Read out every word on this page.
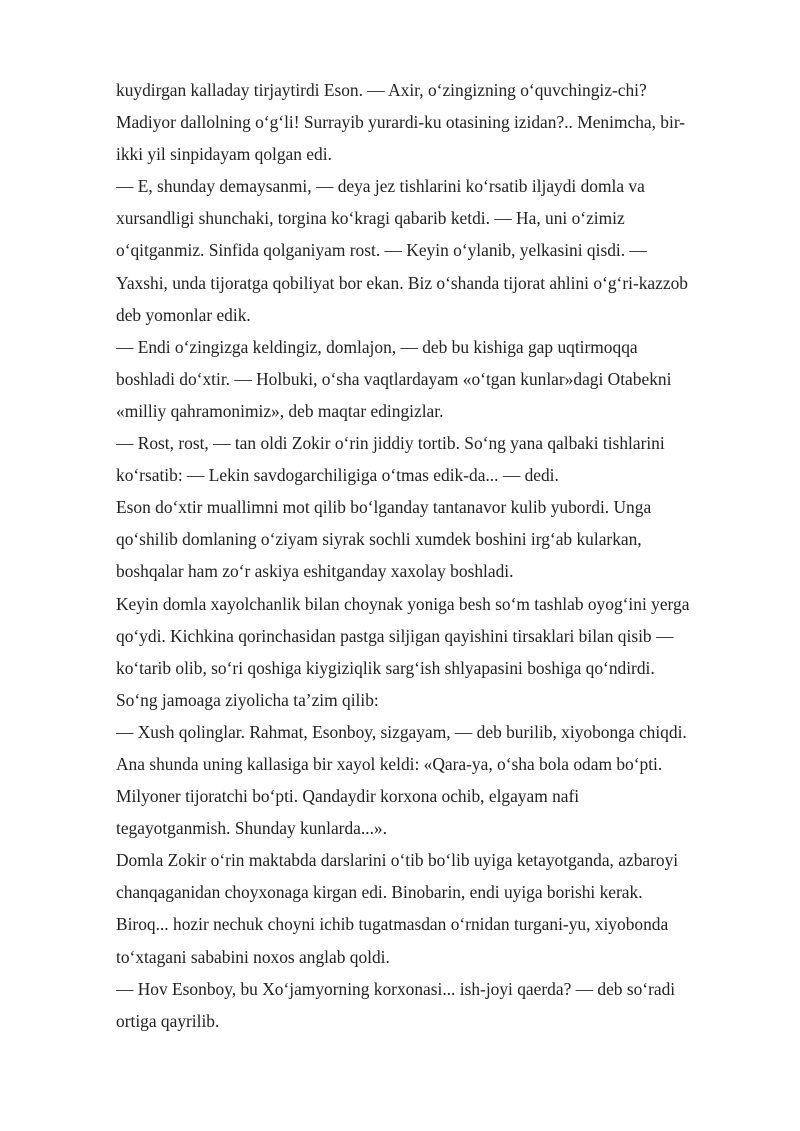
kuydirgan kalladay tirjaytirdi Eson. — Axir, o‘zingizning o‘quvchingiz-chi?
Madiyor dallolning o‘g‘li! Surrayib yurardi-ku otasining izidan?.. Menimcha, bir-
ikki yil sinpidayam qolgan edi.
— E, shunday demaysanmi, — deya jez tishlarini ko‘rsatib iljaydi domla va
xursandligi shunchaki, torgina ko‘kragi qabarib ketdi. — Ha, uni o‘zimiz
o‘qitganmiz. Sinfida qolganiyam rost. — Keyin o‘ylanib, yelkasini qisdi. —
Yaxshi, unda tijoratga qobiliyat bor ekan. Biz o‘shanda tijorat ahlini o‘g‘ri-kazzob
deb yomonlar edik.
— Endi o‘zingizga keldingiz, domlajon, — deb bu kishiga gap uqtirmoqqa
boshladi do‘xtir. — Holbuki, o‘sha vaqtlardayam «o‘tgan kunlar»dagi Otabekni
«milliy qahramonimiz», deb maqtar edingizlar.
— Rost, rost, — tan oldi Zokir o‘rin jiddiy tortib. So‘ng yana qalbaki tishlarini
ko‘rsatib: — Lekin savdogarchiligiga o‘tmas edik-da... — dedi.
Eson do‘xtir muallimni mot qilib bo‘lganday tantanavor kulib yubordi. Unga
qo‘shilib domlaning o‘ziyam siyrak sochli xumdek boshini irg‘ab kularkan,
boshqalar ham zo‘r askiya eshitganday xaxolay boshladi.
Keyin domla xayolchanlik bilan choynak yoniga besh so‘m tashlab oyog‘ini yerga
qo‘ydi. Kichkina qorinchasidan pastga siljigan qayishini tirsaklari bilan qisib —
ko‘tarib olib, so‘ri qoshiga kiygiziqlik sarg‘ish shlyapasini boshiga qo‘ndirdi.
So‘ng jamoaga ziyolicha ta’zim qilib:
— Xush qolinglar. Rahmat, Esonboy, sizgayam, — deb burilib, xiyobonga chiqdi.
Ana shunda uning kallasiga bir xayol keldi: «Qara-ya, o‘sha bola odam bo‘pti.
Milyoner tijoratchi bo‘pti. Qandaydir korxona ochib, elgayam nafi
tegayotganmish. Shunday kunlarda...».
Domla Zokir o‘rin maktabda darslarini o‘tib bo‘lib uyiga ketayotganda, azbaroyi
chanqaganidan choyxonaga kirgan edi. Binobarin, endi uyiga borishi kerak.
Biroq... hozir nechuk choyni ichib tugatmasdan o‘rnidan turgani-yu, xiyobonda
to‘xtagani sababini noxos anglab qoldi.
— Hov Esonboy, bu Xo‘jamyorning korxonasi... ish-joyi qaerda? — deb so‘radi
ortiga qayrilib.
